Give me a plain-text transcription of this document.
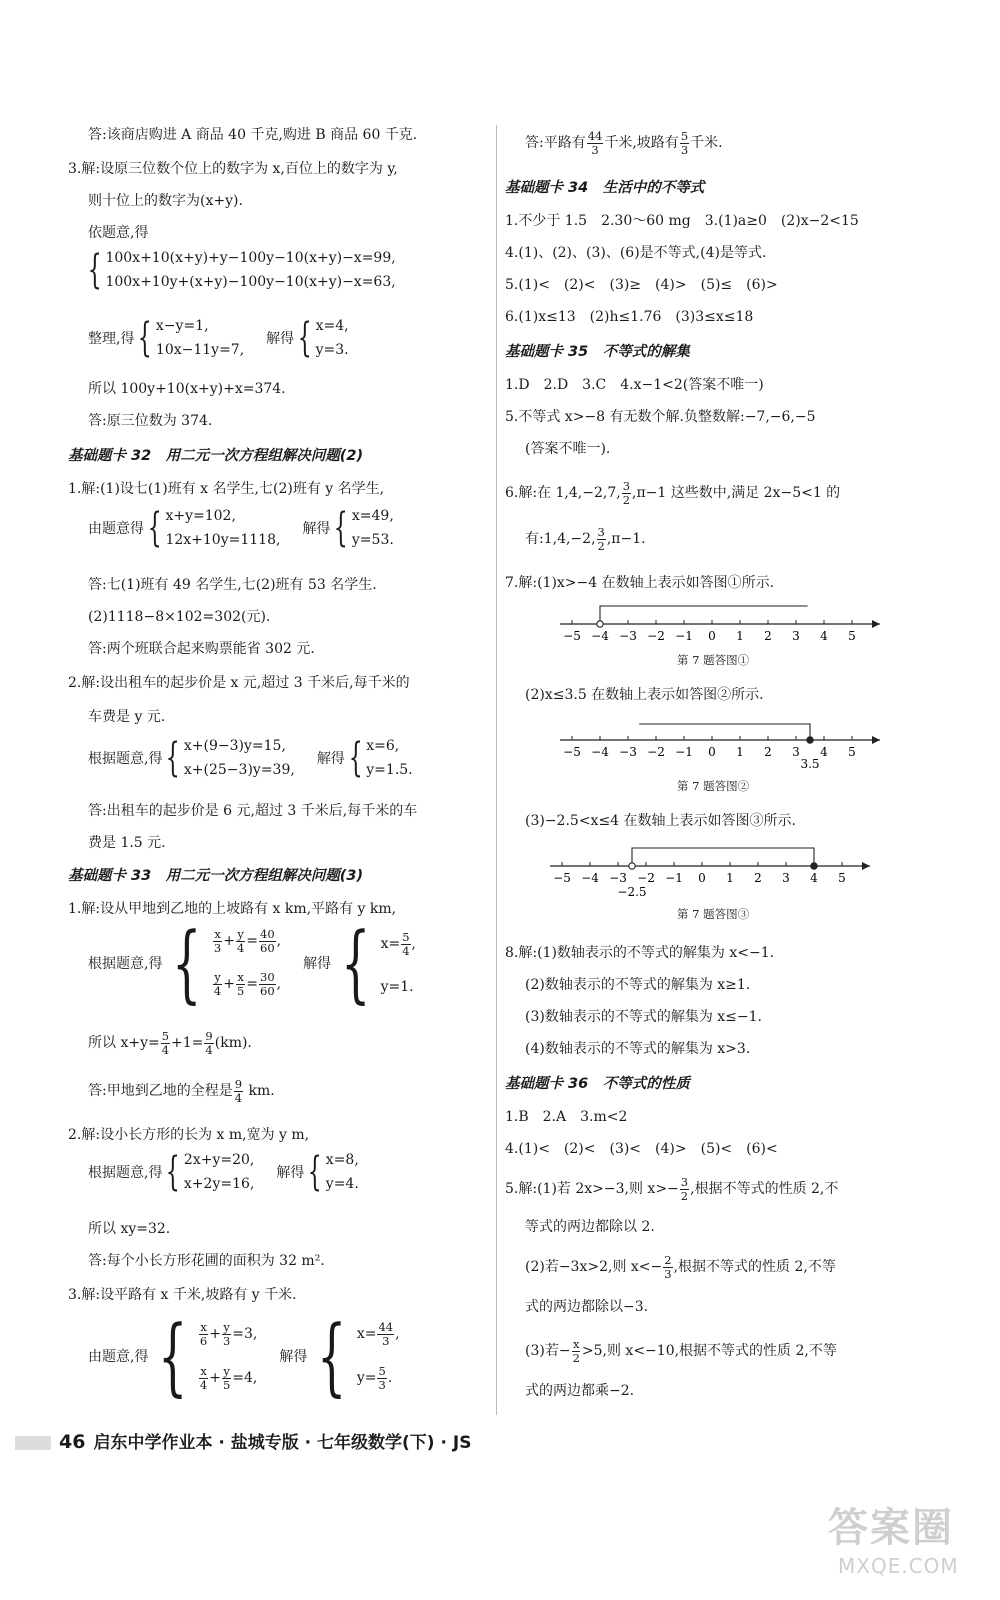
答:该商店购进 A 商品 40 千克,购进 B 商品 60 千克.
3.解:设原三位数个位上的数字为 x,百位上的数字为 y,
则十位上的数字为(x+y).
依题意,得
{ 100x+10(x+y)+y−100y−10(x+y)−x=99,
100x+10y+(x+y)−100y−10(x+y)−x=63,
整理,得 { x−y=1,
10x−11y=7,
解得 { x=4,
y=3.
所以 100y+10(x+y)+x=374.
答:原三位数为 374.
基础题卡 32　用二元一次方程组解决问题(2)
1.解:(1)设七(1)班有 x 名学生,七(2)班有 y 名学生,
由题意得 { x+y=102,
12x+10y=1118,
解得 { x=49,
y=53.
答:七(1)班有 49 名学生,七(2)班有 53 名学生.
(2)1118−8×102=302(元).
答:两个班联合起来购票能省 302 元.
2.解:设出租车的起步价是 x 元,超过 3 千米后,每千米的
车费是 y 元.
根据题意,得 { x+(9−3)y=15,
x+(25−3)y=39,
解得 { x=6,
y=1.5.
答:出租车的起步价是 6 元,超过 3 千米后,每千米的车
费是 1.5 元.
基础题卡 33　用二元一次方程组解决问题(3)
1.解:设从甲地到乙地的上坡路有 x km,平路有 y km,
根据题意,得 { $\frac{x}{3} + \frac{y}{4} = \frac{40}{60}$ ,
$\frac{y}{4} + \frac{x}{5} = \frac{30}{60}$ ,
解得 { $x= \frac{5}{4}$ ,
y=1.
所以 $x+y= \frac{5}{4} +1= \frac{9}{4} (km)$.
答:甲地到乙地的全程是 $\frac{9}{4}$ km.
2.解:设小长方形的长为 x m,宽为 y m,
根据题意,得 { 2x+y=20,
x+2y=16,
解得 { x=8,
y=4.
所以 xy=32.
答:每个小长方形花圃的面积为 32 m².
3.解:设平路有 x 千米,坡路有 y 千米.
由题意,得 { $\frac{x}{6} + \frac{y}{3} =3$,
$\frac{x}{4} + \frac{y}{5} =4$,
解得 { $x= \frac{44}{3}$ ,
$y= \frac{5}{3}$ .
答:平路有 $\frac{44}{3}$ 千米,坡路有 $\frac{5}{3}$ 千米.
基础题卡 34　生活中的不等式
1.不少于 1.5　2.30～60 mg　3.(1)a≥0　(2)x−2<15
4.(1)、(2)、(3)、(6)是不等式,(4)是等式.
5.(1)<　(2)<　(3)≥　(4)>　(5)≤　(6)>
6.(1)x≤13　(2)h≤1.76　(3)3≤x≤18
基础题卡 35　不等式的解集
1.D　2.D　3.C　4.x−1<2(答案不唯一)
5.不等式 x>−8 有无数个解.负整数解:−7,−6,−5
(答案不唯一).
6.解:在 1,4,−2,7, $\frac{3}{2} ,\pi-1$ 这些数中,满足 2x−5<1 的
有:1,4,−2, $\frac{3}{2} ,\pi-1$.
7.解:(1)x>−4 在数轴上表示如答图①所示.
−5 −4 −3 −2 −1 0 1 2 3 4 5
第 7 题答图①
(2)x≤3.5 在数轴上表示如答图②所示.
−5 −4 −3 −2 −1 0 1 2 3 4 5
3.5
第 7 题答图②
(3)−2.5<x≤4 在数轴上表示如答图③所示.
−5 −4 −3 −2 −1 0 1 2 3 4 5
−2.5
第 7 题答图③
8.解:(1)数轴表示的不等式的解集为 x<−1.
(2)数轴表示的不等式的解集为 x≥1.
(3)数轴表示的不等式的解集为 x≤−1.
(4)数轴表示的不等式的解集为 x>3.
基础题卡 36　不等式的性质
1.B　2.A　3.m<2
4.(1)<　(2)<　(3)<　(4)>　(5)<　(6)<
5.解:(1)若 2x>−3,则 $x>- \frac{3}{2}$ ,根据不等式的性质 2,不
等式的两边都除以 2.
(2)若−3x>2,则 $x<- \frac{2}{3}$ ,根据不等式的性质 2,不等
式的两边都除以−3.
(3)若− $\frac{x}{2} >5$,则 x<−10,根据不等式的性质 2,不等
式的两边都乘−2.
46 启东中学作业本 · 盐城专版 · 七年级数学(下) · JS
答案圈
MXQE.COM
